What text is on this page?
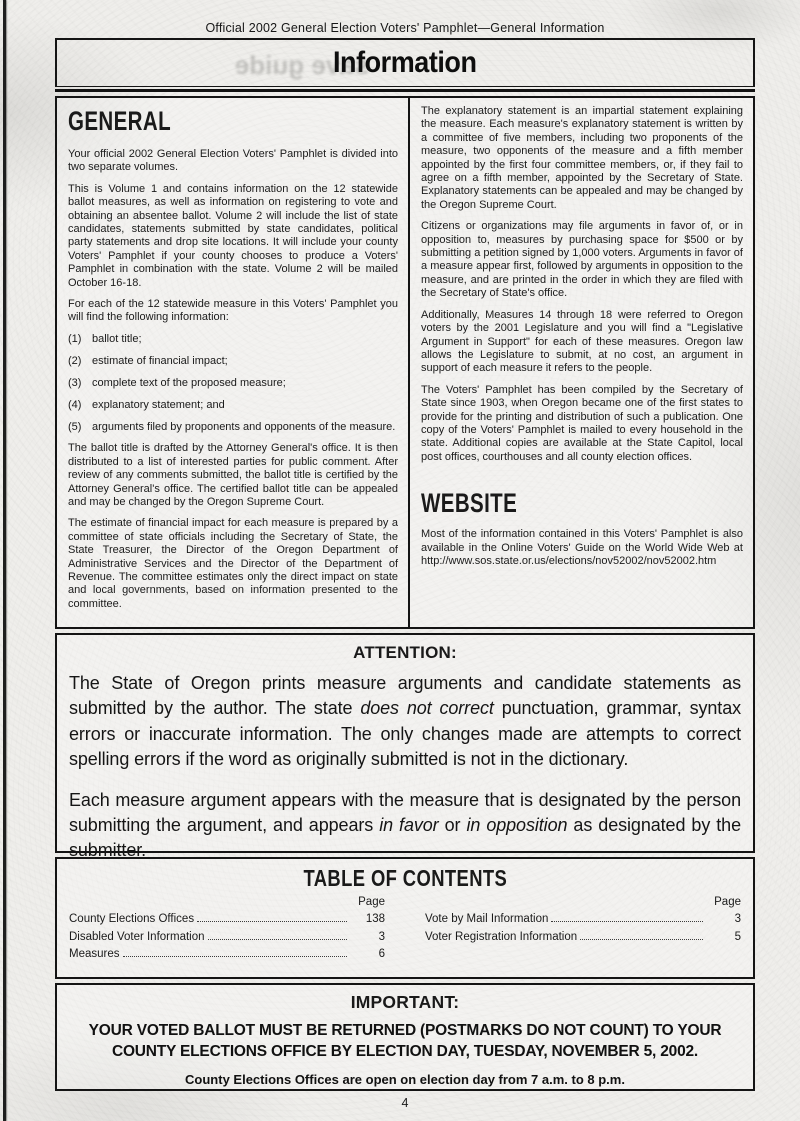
Official 2002 General Election Voters' Pamphlet—General Information
save guide
Information
GENERAL

Your official 2002 General Election Voters' Pamphlet is divided into two separate volumes.

This is Volume 1 and contains information on the 12 statewide ballot measures, as well as information on registering to vote and obtaining an absentee ballot. Volume 2 will include the list of state candidates, statements submitted by state candidates, political party statements and drop site locations. It will include your county Voters' Pamphlet if your county chooses to produce a Voters' Pamphlet in combination with the state. Volume 2 will be mailed October 16-18.

For each of the 12 statewide measure in this Voters' Pamphlet you will find the following information:

(1) ballot title;
(2) estimate of financial impact;
(3) complete text of the proposed measure;
(4) explanatory statement; and
(5) arguments filed by proponents and opponents of the measure.

The ballot title is drafted by the Attorney General's office. It is then distributed to a list of interested parties for public comment. After review of any comments submitted, the ballot title is certified by the Attorney General's office. The certified ballot title can be appealed and may be changed by the Oregon Supreme Court.

The estimate of financial impact for each measure is prepared by a committee of state officials including the Secretary of State, the State Treasurer, the Director of the Oregon Department of Administrative Services and the Director of the Department of Revenue. The committee estimates only the direct impact on state and local governments, based on information presented to the committee.

The explanatory statement is an impartial statement explaining the measure. Each measure's explanatory statement is written by a committee of five members, including two proponents of the measure, two opponents of the measure and a fifth member appointed by the first four committee members, or, if they fail to agree on a fifth member, appointed by the Secretary of State. Explanatory statements can be appealed and may be changed by the Oregon Supreme Court.

Citizens or organizations may file arguments in favor of, or in opposition to, measures by purchasing space for $500 or by submitting a petition signed by 1,000 voters. Arguments in favor of a measure appear first, followed by arguments in opposition to the measure, and are printed in the order in which they are filed with the Secretary of State's office.

Additionally, Measures 14 through 18 were referred to Oregon voters by the 2001 Legislature and you will find a "Legislative Argument in Support" for each of these measures. Oregon law allows the Legislature to submit, at no cost, an argument in support of each measure it refers to the people.

The Voters' Pamphlet has been compiled by the Secretary of State since 1903, when Oregon became one of the first states to provide for the printing and distribution of such a publication. One copy of the Voters' Pamphlet is mailed to every household in the state. Additional copies are available at the State Capitol, local post offices, courthouses and all county election offices.

WEBSITE

Most of the information contained in this Voters' Pamphlet is also available in the Online Voters' Guide on the World Wide Web at http://www.sos.state.or.us/elections/nov52002/nov52002.htm

ATTENTION:

The State of Oregon prints measure arguments and candidate statements as submitted by the author. The state does not correct punctuation, grammar, syntax errors or inaccurate information. The only changes made are attempts to correct spelling errors if the word as originally submitted is not in the dictionary.

Each measure argument appears with the measure that is designated by the person submitting the argument, and appears in favor or in opposition as designated by the submitter.

TABLE OF CONTENTS
Page
County Elections Offices	138
Disabled Voter Information	3
Measures	6
Page
Vote by Mail Information	3
Voter Registration Information	5
IMPORTANT:
YOUR VOTED BALLOT MUST BE RETURNED (POSTMARKS DO NOT COUNT) TO YOUR COUNTY ELECTIONS OFFICE BY ELECTION DAY, TUESDAY, NOVEMBER 5, 2002.
County Elections Offices are open on election day from 7 a.m. to 8 p.m.
4
